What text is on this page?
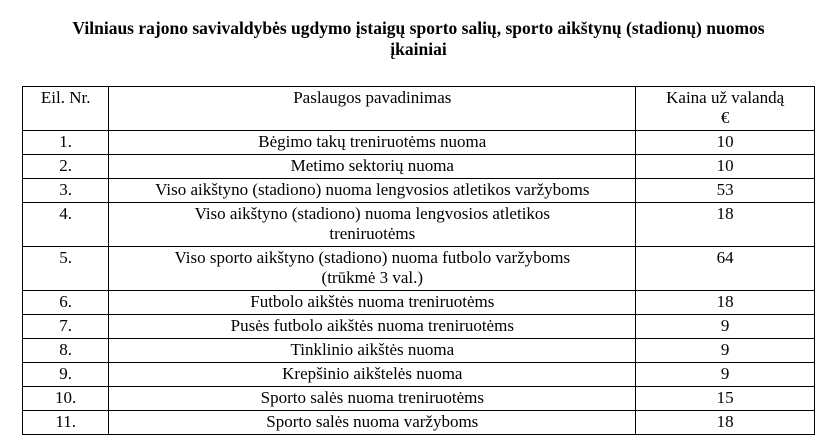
Vilniaus rajono savivaldybės ugdymo įstaigų sporto salių, sporto aikštynų (stadionų) nuomos
įkainiai
Eil. Nr.	Paslaugos pavadinimas	Kaina už valandą
€

1.	Bėgimo takų treniruotėms nuoma	10
2.	Metimo sektorių nuoma	10
3.	Viso aikštyno (stadiono) nuoma lengvosios atletikos varžyboms	53
4.	Viso aikštyno (stadiono) nuoma lengvosios atletikos
treniruotėms	18
5.	Viso sporto aikštyno (stadiono) nuoma futbolo varžyboms
(trūkmė 3 val.)	64
6.	Futbolo aikštės nuoma treniruotėms	18
7.	Pusės futbolo aikštės nuoma treniruotėms	9
8.	Tinklinio aikštės nuoma	9
9.	Krepšinio aikštelės nuoma	9
10.	Sporto salės nuoma treniruotėms	15
11.	Sporto salės nuoma varžyboms	18
